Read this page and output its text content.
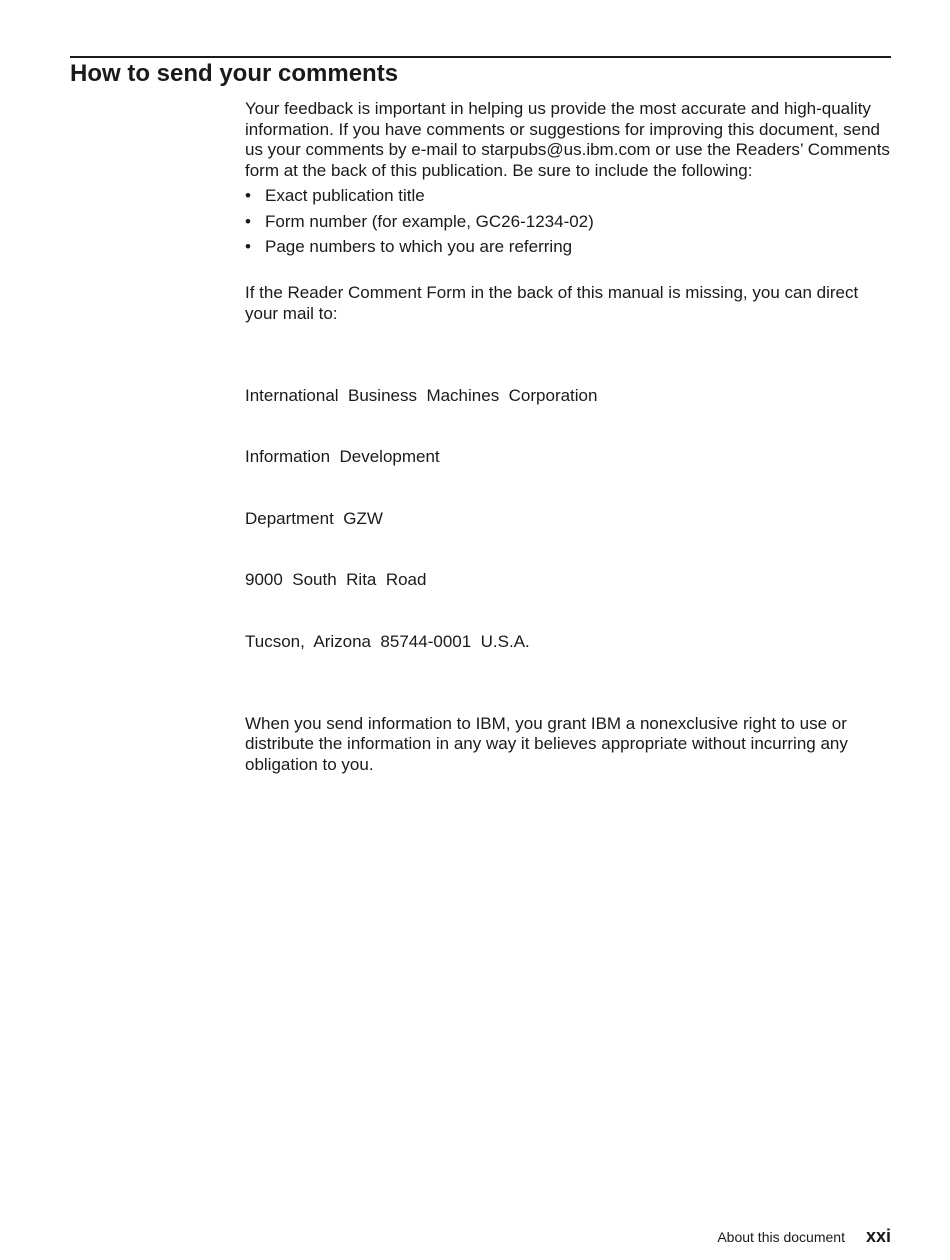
How to send your comments

Your feedback is important in helping us provide the most accurate and high-quality information. If you have comments or suggestions for improving this document, send us your comments by e-mail to starpubs@us.ibm.com or use the Readers’ Comments form at the back of this publication. Be sure to include the following:

• Exact publication title
• Form number (for example, GC26-1234-02)
• Page numbers to which you are referring

If the Reader Comment Form in the back of this manual is missing, you can direct your mail to:

International  Business  Machines  Corporation

Information  Development

Department  GZW

9000  South  Rita  Road

Tucson,  Arizona  85744-0001  U.S.A.

When you send information to IBM, you grant IBM a nonexclusive right to use or distribute the information in any way it believes appropriate without incurring any obligation to you.

About this document xxi
